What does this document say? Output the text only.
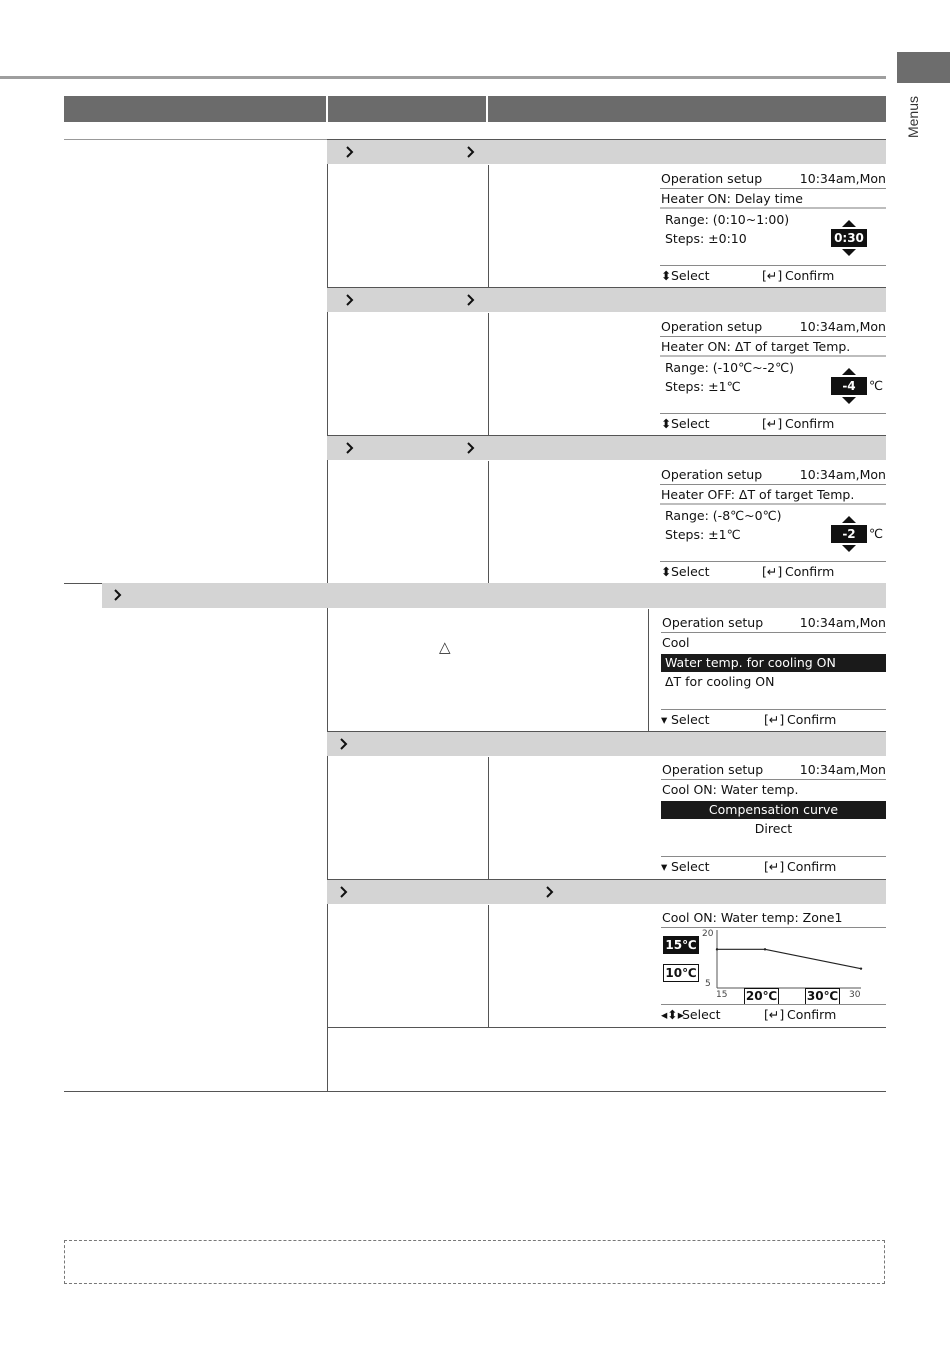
Menus
△
Operation setup	10:34am,Mon
Heater ON: Delay time
Range: (0:10~1:00)
Steps: ±0:10	0:30
⬍ Select	[↵] Confirm
Operation setup	10:34am,Mon
Heater ON: ΔT of target Temp.
Range: (-10℃~-2℃)
Steps: ±1℃	-4	℃
⬍ Select	[↵] Confirm
Operation setup	10:34am,Mon
Heater OFF: ΔT of target Temp.
Range: (-8℃~0℃)
Steps: ±1℃	-2	℃
⬍ Select	[↵] Confirm
Operation setup	10:34am,Mon
Cool
Water temp. for cooling ON
ΔT for cooling ON
▾ Select	[↵] Confirm
Operation setup	10:34am,Mon
Cool ON: Water temp.
Compensation curve
Direct
▾ Select	[↵] Confirm
Cool ON: Water temp: Zone1
15℃
10℃
20
5
15	30
20℃ 30℃
◂⬍▸
Select	[↵] Confirm
